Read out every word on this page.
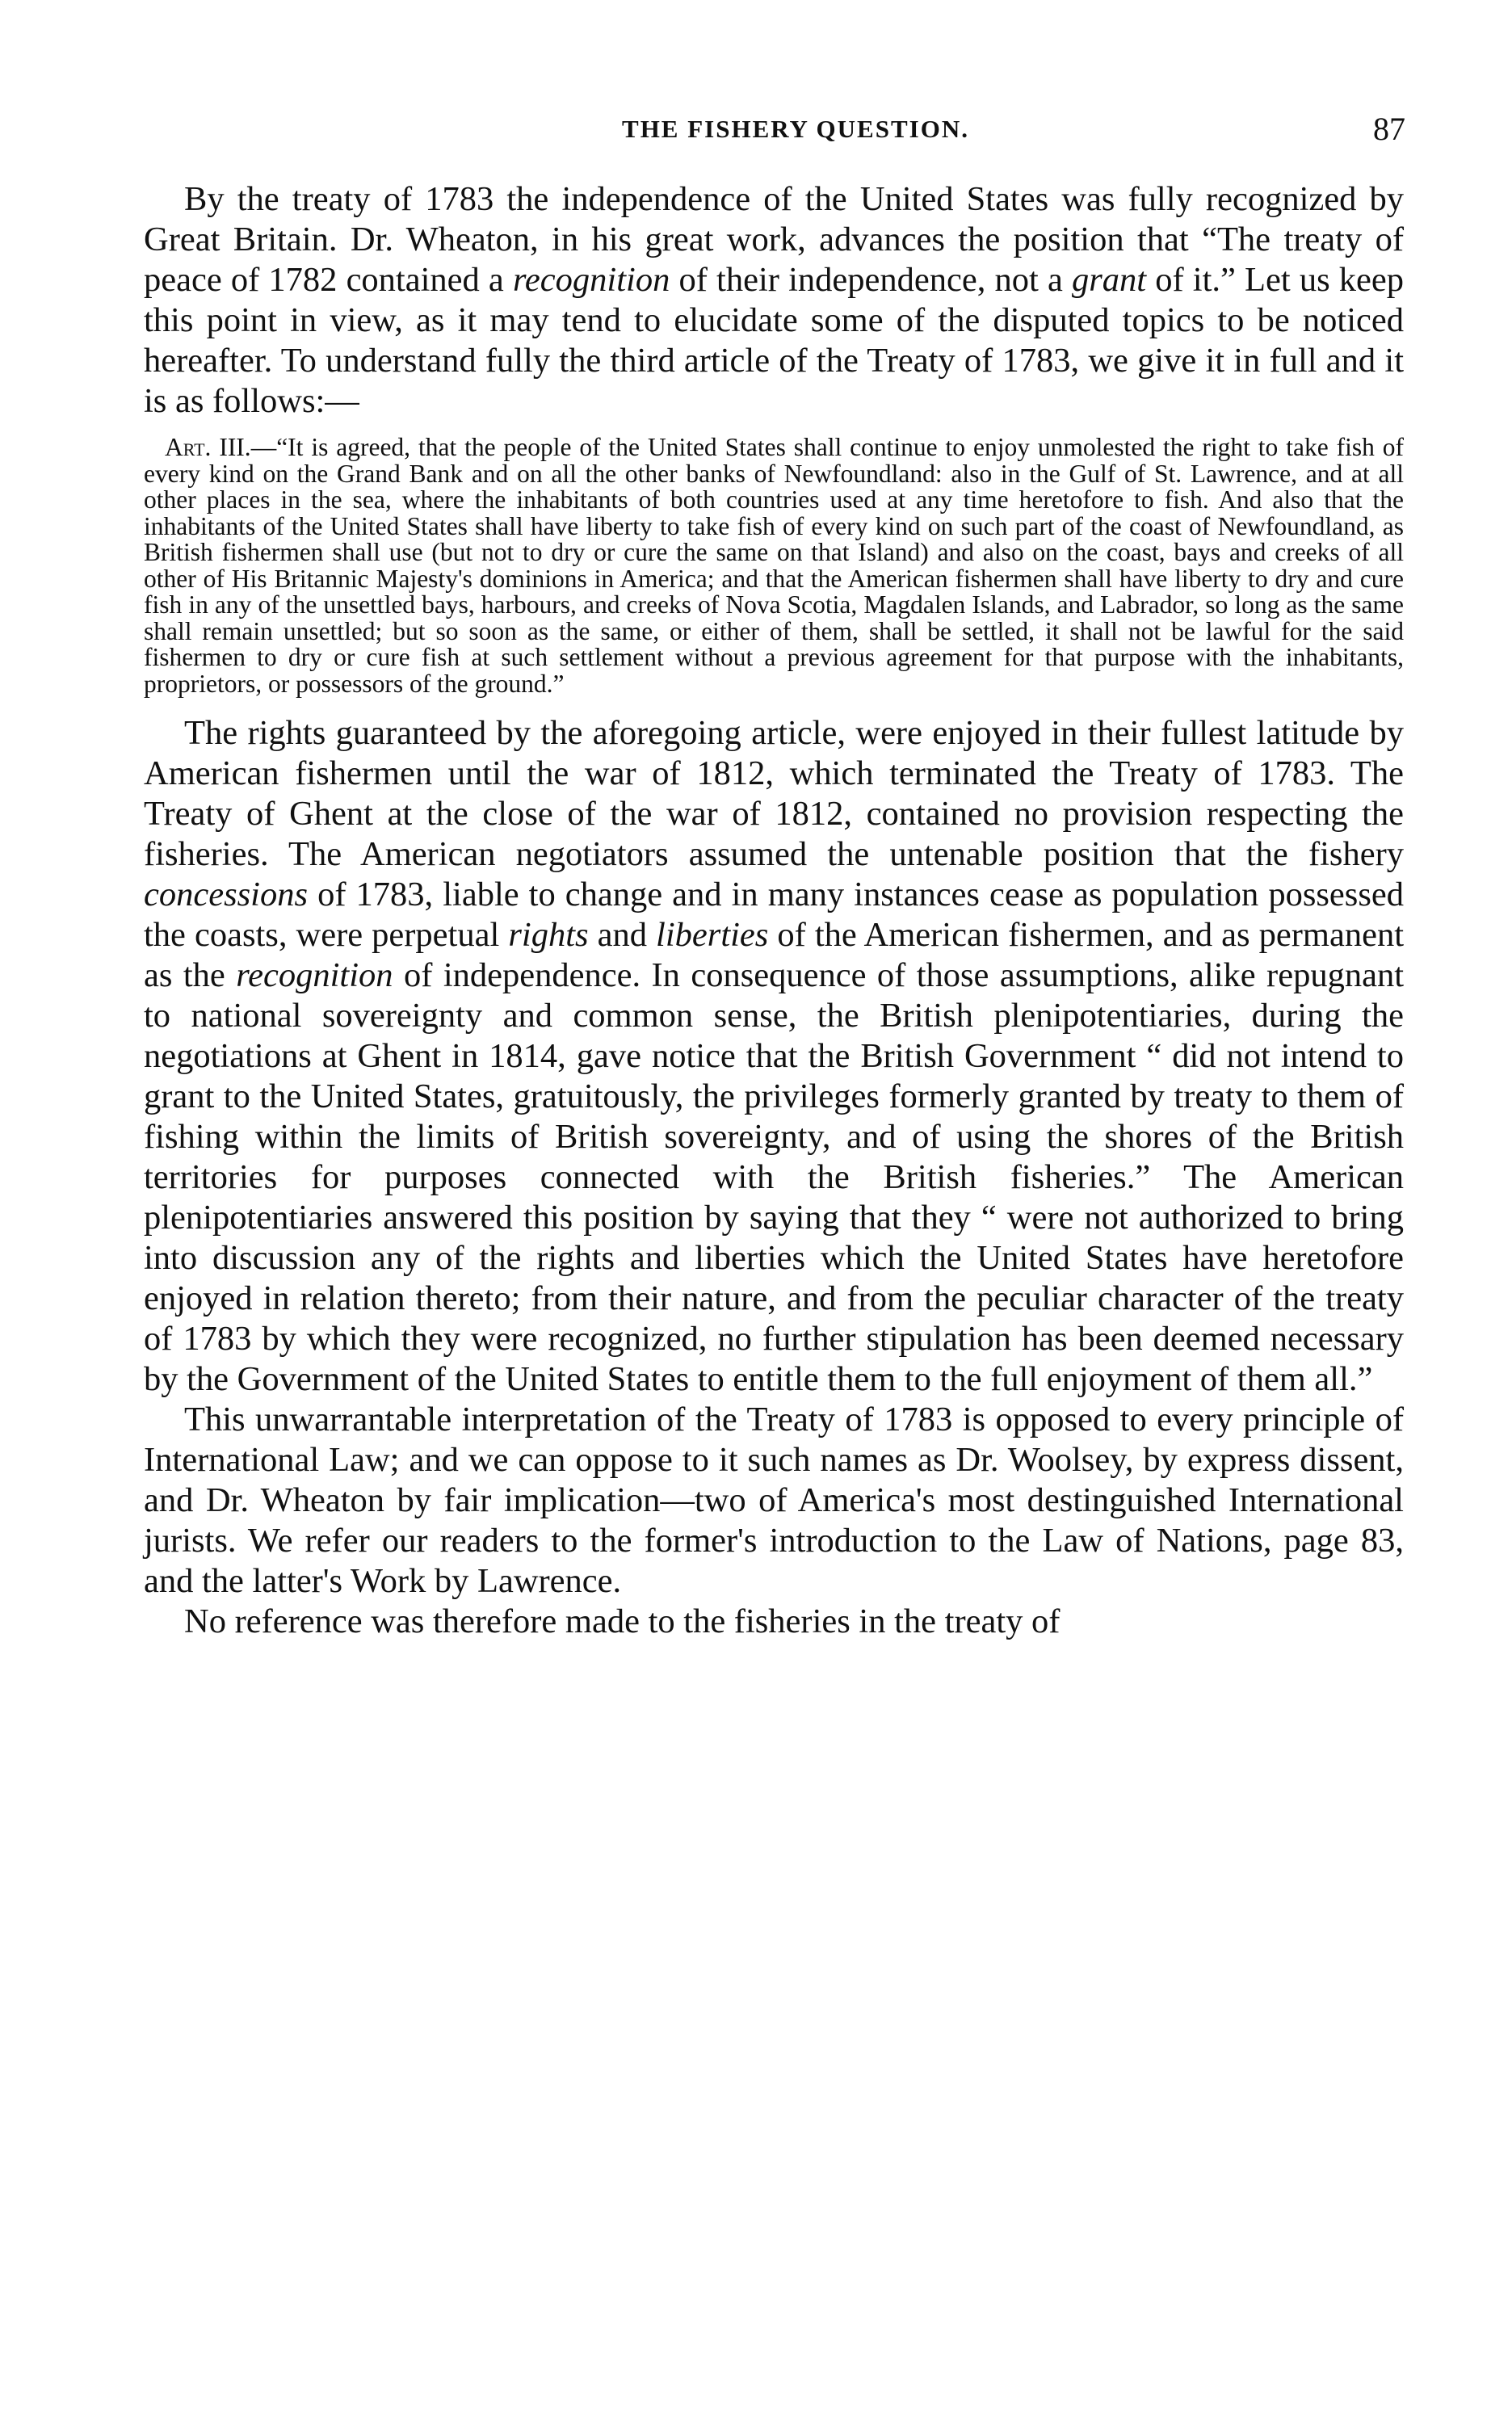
THE FISHERY QUESTION.	87

By the treaty of 1783 the independence of the United States was fully recognized by Great Britain. Dr. Wheaton, in his great work, advances the position that “The treaty of peace of 1782 contained a recognition of their independence, not a grant of it.” Let us keep this point in view, as it may tend to elucidate some of the disputed topics to be noticed hereafter. To understand fully the third article of the Treaty of 1783, we give it in full and it is as follows:—

Art. III.—“It is agreed, that the people of the United States shall continue to enjoy unmolested the right to take fish of every kind on the Grand Bank and on all the other banks of Newfoundland: also in the Gulf of St. Lawrence, and at all other places in the sea, where the inhabitants of both countries used at any time heretofore to fish. And also that the inhabitants of the United States shall have liberty to take fish of every kind on such part of the coast of Newfoundland, as British fishermen shall use (but not to dry or cure the same on that Island) and also on the coast, bays and creeks of all other of His Britannic Majesty's dominions in America; and that the American fishermen shall have liberty to dry and cure fish in any of the unsettled bays, harbours, and creeks of Nova Scotia, Magdalen Islands, and Labrador, so long as the same shall remain unsettled; but so soon as the same, or either of them, shall be settled, it shall not be lawful for the said fishermen to dry or cure fish at such settlement without a previous agreement for that purpose with the inhabitants, proprietors, or possessors of the ground.”

The rights guaranteed by the aforegoing article, were enjoyed in their fullest latitude by American fishermen until the war of 1812, which terminated the Treaty of 1783. The Treaty of Ghent at the close of the war of 1812, contained no provision respecting the fisheries. The American negotiators assumed the untenable position that the fishery concessions of 1783, liable to change and in many instances cease as population possessed the coasts, were perpetual rights and liberties of the American fishermen, and as permanent as the recognition of independence. In consequence of those assumptions, alike repugnant to national sovereignty and common sense, the British plenipotentiaries, during the negotiations at Ghent in 1814, gave notice that the British Government “ did not intend to grant to the United States, gratuitously, the privileges formerly granted by treaty to them of fishing within the limits of British sovereignty, and of using the shores of the British territories for purposes connected with the British fisheries.” The American plenipotentiaries answered this position by saying that they “ were not authorized to bring into discussion any of the rights and liberties which the United States have heretofore enjoyed in relation thereto; from their nature, and from the peculiar character of the treaty of 1783 by which they were recognized, no further stipulation has been deemed necessary by the Government of the United States to entitle them to the full enjoyment of them all.”

This unwarrantable interpretation of the Treaty of 1783 is opposed to every principle of International Law; and we can oppose to it such names as Dr. Woolsey, by express dissent, and Dr. Wheaton by fair implication—two of America's most destinguished International jurists. We refer our readers to the former's introduction to the Law of Nations, page 83, and the latter's Work by Lawrence.

No reference was therefore made to the fisheries in the treaty of
